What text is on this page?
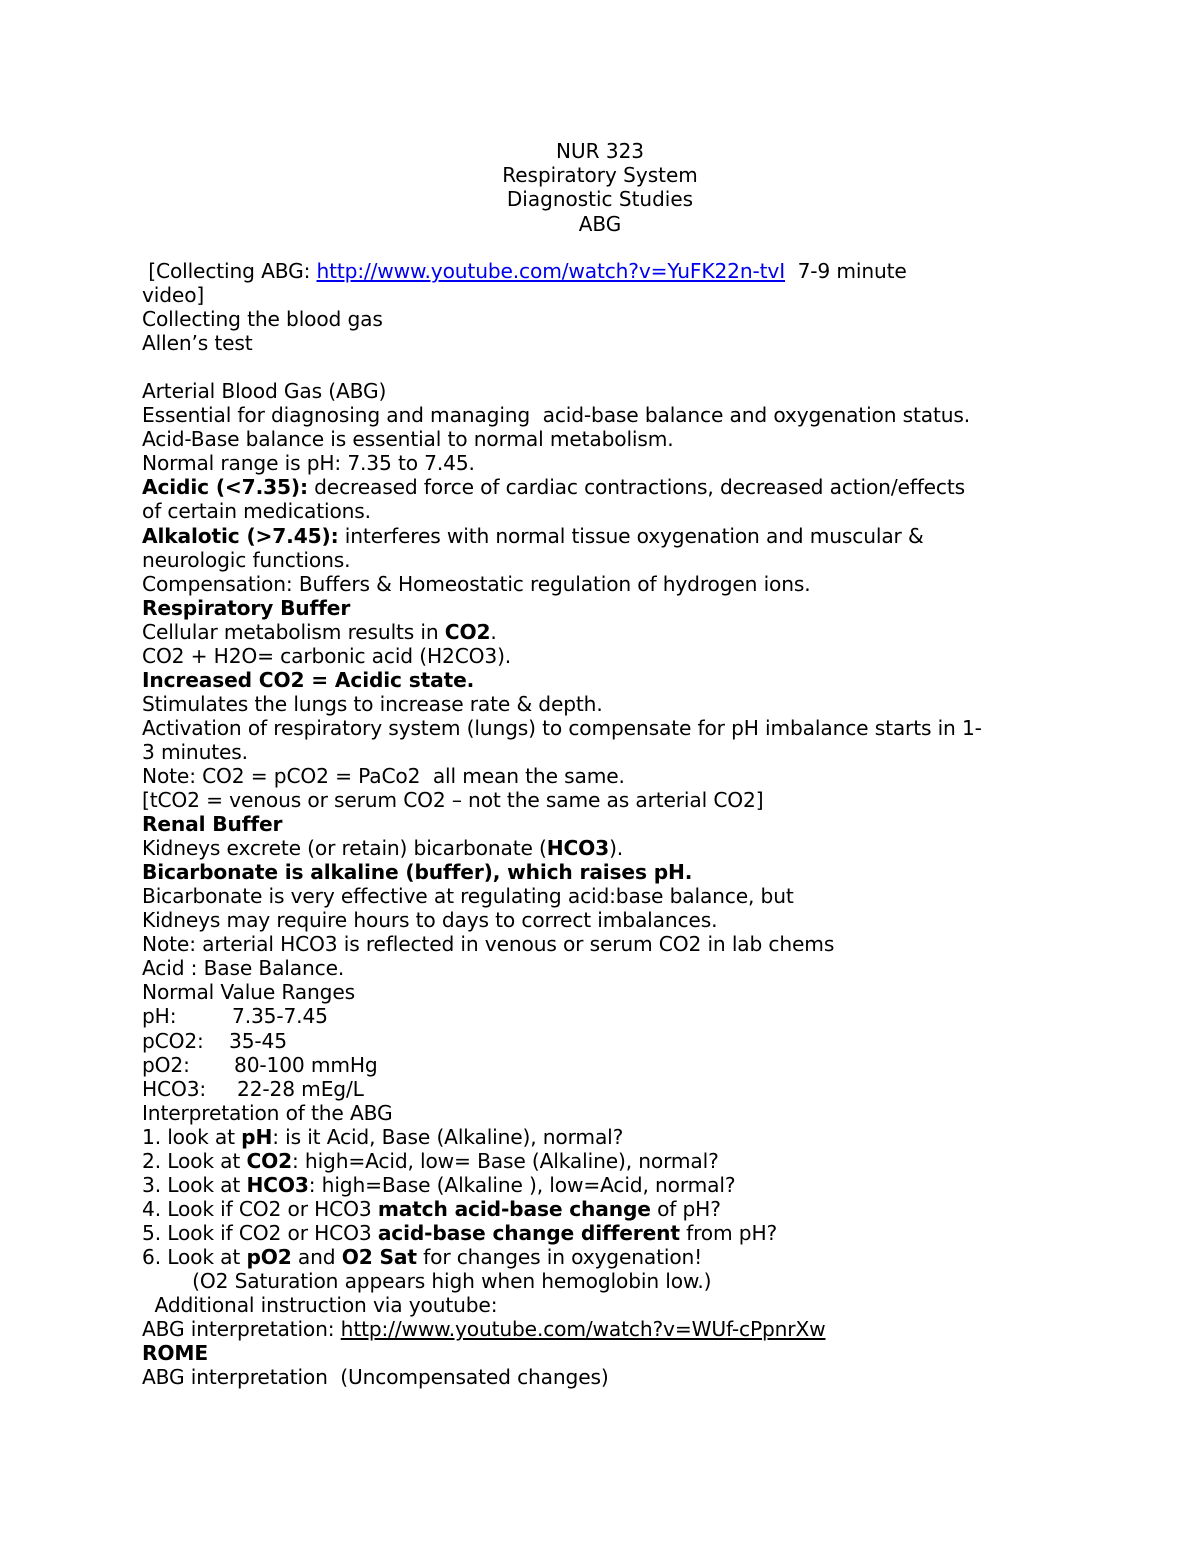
NUR 323
Respiratory System
Diagnostic Studies
ABG
[Collecting ABG: http://www.youtube.com/watch?v=YuFK22n-tvI  7-9 minute
video]
Collecting the blood gas
Allen’s test
Arterial Blood Gas (ABG)
Essential for diagnosing and managing  acid-base balance and oxygenation status.
Acid-Base balance is essential to normal metabolism.
Normal range is pH: 7.35 to 7.45.
Acidic (<7.35): decreased force of cardiac contractions, decreased action/effects
of certain medications.
Alkalotic (>7.45): interferes with normal tissue oxygenation and muscular &
neurologic functions.
Compensation: Buffers & Homeostatic regulation of hydrogen ions.
Respiratory Buffer
Cellular metabolism results in CO2.
CO2 + H2O= carbonic acid (H2CO3).
Increased CO2 = Acidic state.
Stimulates the lungs to increase rate & depth.
Activation of respiratory system (lungs) to compensate for pH imbalance starts in 1-
3 minutes.
Note: CO2 = pCO2 = PaCo2  all mean the same.
[tCO2 = venous or serum CO2 – not the same as arterial CO2]
Renal Buffer
Kidneys excrete (or retain) bicarbonate (HCO3).
Bicarbonate is alkaline (buffer), which raises pH.
Bicarbonate is very effective at regulating acid:base balance, but
Kidneys may require hours to days to correct imbalances.
Note: arterial HCO3 is reflected in venous or serum CO2 in lab chems
Acid : Base Balance.
Normal Value Ranges
pH:	7.35-7.45
pCO2: 35-45
pO2: 80-100 mmHg
HCO3: 22-28 mEg/L
Interpretation of the ABG
1. look at pH: is it Acid, Base (Alkaline), normal?
2. Look at CO2: high=Acid, low= Base (Alkaline), normal?
3. Look at HCO3: high=Base (Alkaline ), low=Acid, normal?
4. Look if CO2 or HCO3 match acid-base change of pH?
5. Look if CO2 or HCO3 acid-base change different from pH?
6. Look at pO2 and O2 Sat for changes in oxygenation!
(O2 Saturation appears high when hemoglobin low.)
Additional instruction via youtube:
ABG interpretation: http://www.youtube.com/watch?v=WUf-cPpnrXw
ROME
ABG interpretation  (Uncompensated changes)
